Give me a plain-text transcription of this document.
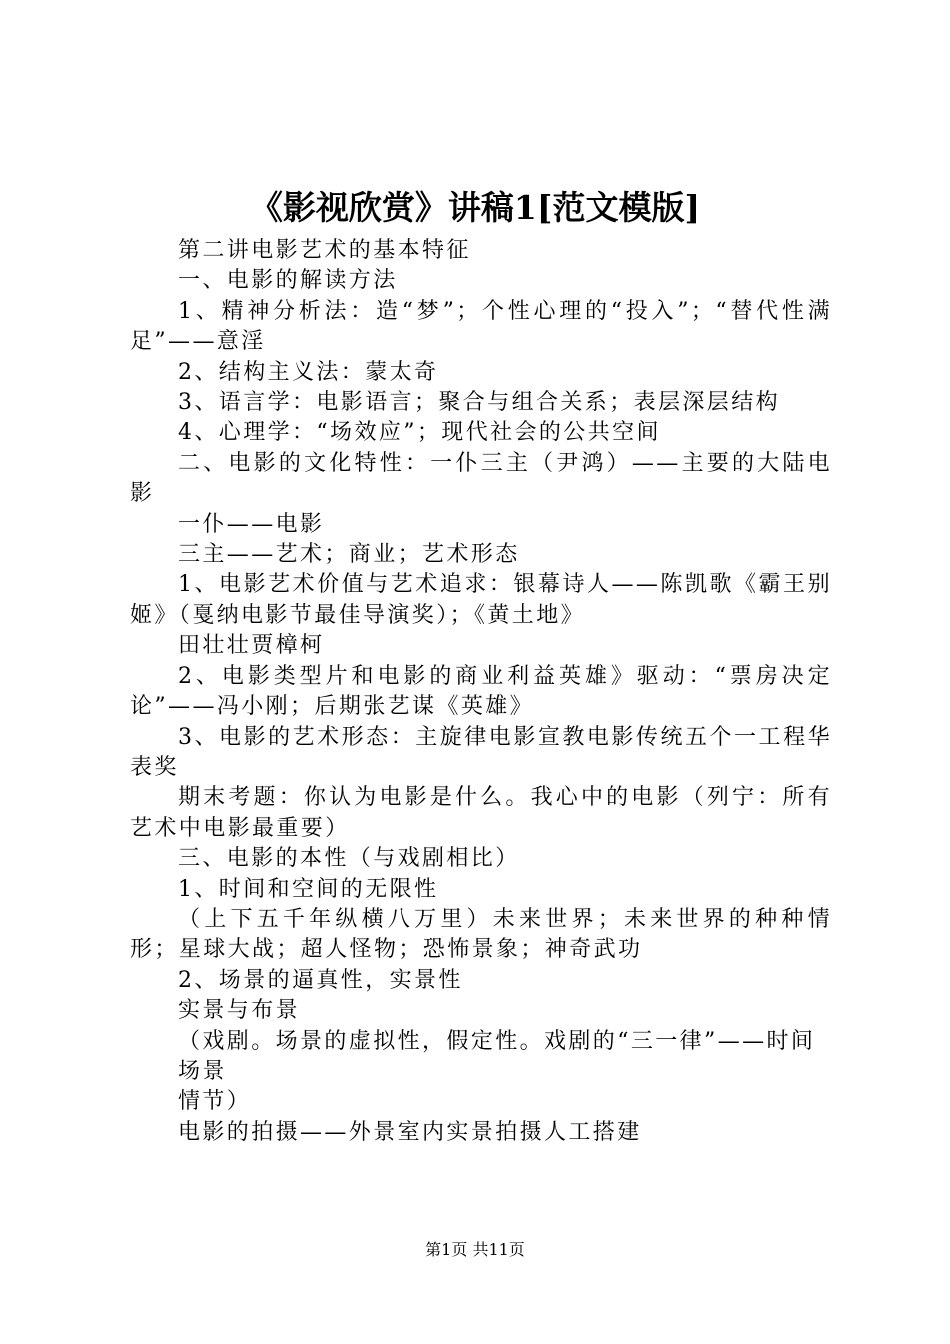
《影视欣赏》讲稿1[范文模版]

第二讲电影艺术的基本特征

一、电影的解读方法

1、精神分析法：造“梦”；个性心理的“投入”；“替代性满足”——意淫

2、结构主义法：蒙太奇

3、语言学：电影语言；聚合与组合关系；表层深层结构

4、心理学：“场效应”；现代社会的公共空间

二、电影的文化特性：一仆三主（尹鸿）——主要的大陆电影

一仆——电影

三主——艺术；商业；艺术形态

1、电影艺术价值与艺术追求：银幕诗人——陈凯歌《霸王别姬》（戛纳电影节最佳导演奖）；《黄土地》

田壮壮贾樟柯

2、电影类型片和电影的商业利益英雄》驱动：“票房决定论”——冯小刚；后期张艺谋《英雄》

3、电影的艺术形态：主旋律电影宣教电影传统五个一工程华表奖

期末考题：你认为电影是什么。我心中的电影（列宁：所有艺术中电影最重要）

三、电影的本性（与戏剧相比）

1、时间和空间的无限性

（上下五千年纵横八万里）未来世界；未来世界的种种情形；星球大战；超人怪物；恐怖景象；神奇武功

2、场景的逼真性，实景性

实景与布景

（戏剧。场景的虚拟性，假定性。戏剧的“三一律”——时间

场景

情节）

电影的拍摄——外景室内实景拍摄人工搭建

第1页 共11页
